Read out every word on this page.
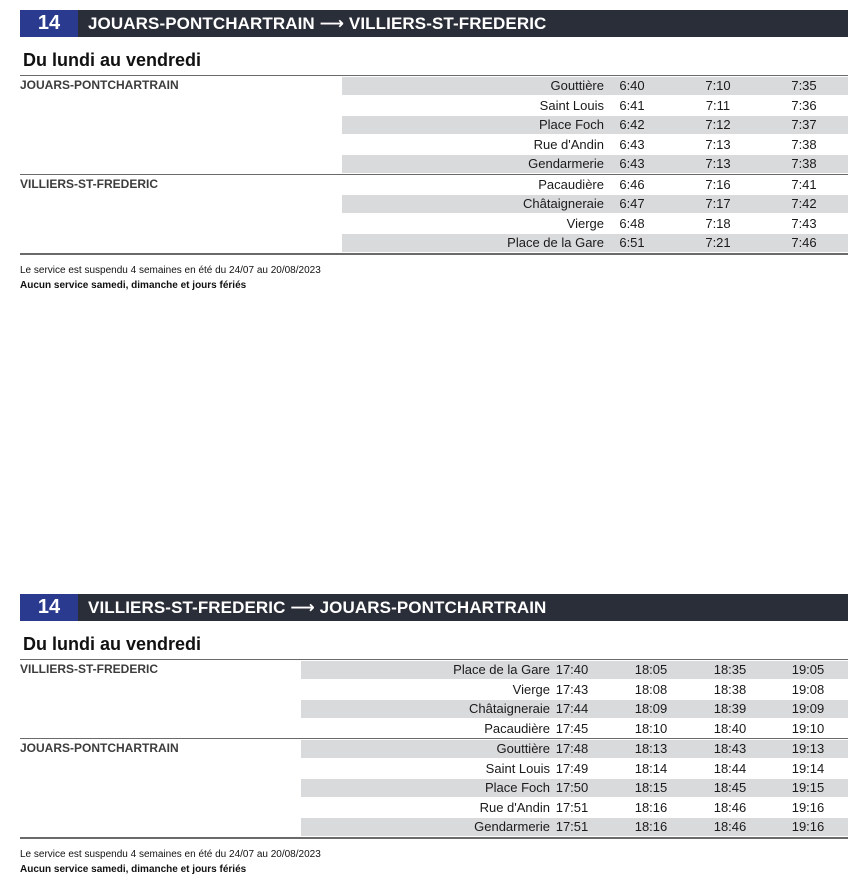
14	JOUARS-PONTCHARTRAIN ⟶ VILLIERS-ST-FREDERIC
Du lundi au vendredi
JOUARS-PONTCHARTRAIN	Gouttière	6:40	7:10	7:35
Saint Louis	6:41	7:11	7:36
Place Foch	6:42	7:12	7:37
Rue d'Andin	6:43	7:13	7:38
Gendarmerie	6:43	7:13	7:38
VILLIERS-ST-FREDERIC	Pacaudière	6:46	7:16	7:41
Châtaigneraie	6:47	7:17	7:42
Vierge	6:48	7:18	7:43
Place de la Gare	6:51	7:21	7:46
Le service est suspendu 4 semaines en été du 24/07 au 20/08/2023
Aucun service samedi, dimanche et jours fériés
14	VILLIERS-ST-FREDERIC ⟶ JOUARS-PONTCHARTRAIN
Du lundi au vendredi
VILLIERS-ST-FREDERIC	Place de la Gare 17:40	18:05	18:35	19:05
Vierge 17:43	18:08	18:38	19:08
Châtaigneraie 17:44	18:09	18:39	19:09
Pacaudière 17:45	18:10	18:40	19:10
JOUARS-PONTCHARTRAIN	Gouttière 17:48	18:13	18:43	19:13
Saint Louis 17:49	18:14	18:44	19:14
Place Foch 17:50	18:15	18:45	19:15
Rue d'Andin 17:51	18:16	18:46	19:16
Gendarmerie 17:51	18:16	18:46	19:16
Le service est suspendu 4 semaines en été du 24/07 au 20/08/2023
Aucun service samedi, dimanche et jours fériés
